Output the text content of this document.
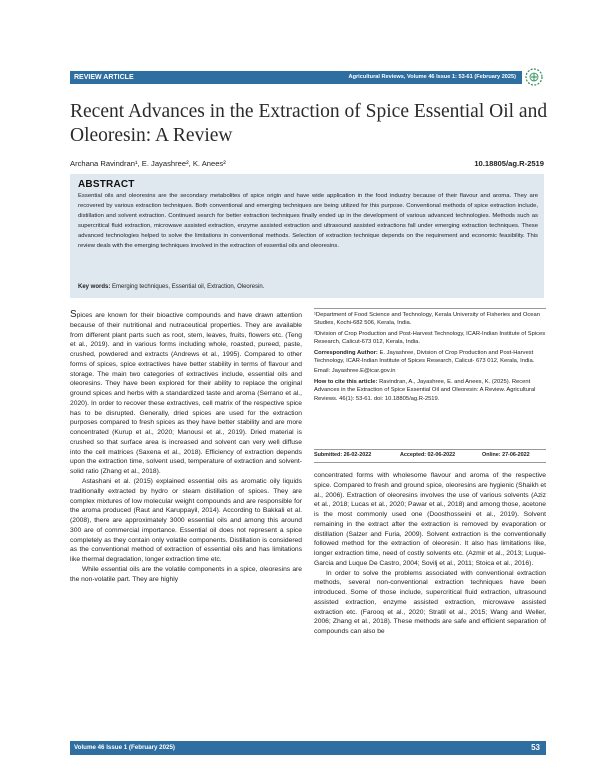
REVIEW ARTICLE	Agricultural Reviews, Volume 46 Issue 1: 53-61 (February 2025)
Recent Advances in the Extraction of Spice Essential Oil and Oleoresin: A Review
Archana Ravindran¹, E. Jayashree², K. Anees²	10.18805/ag.R-2519
ABSTRACT

Essential oils and oleoresins are the secondary metabolites of spice origin and have wide application in the food industry because of their flavour and aroma. They are recovered by various extraction techniques. Both conventional and emerging techniques are being utilized for this purpose. Conventional methods of spice extraction include, distillation and solvent extraction. Continued search for better extraction techniques finally ended up in the development of various advanced technologies. Methods such as supercritical fluid extraction, microwave assisted extraction, enzyme assisted extraction and ultrasound assisted extractions fall under emerging extraction techniques. These advanced technologies helped to solve the limitations in conventional methods. Selection of extraction technique depends on the requirement and economic feasibility. This review deals with the emerging techniques involved in the extraction of essential oils and oleoresins.

Key words: Emerging techniques, Essential oil, Extraction, Oleoresin.

Spices are known for their bioactive compounds and have drawn attention because of their nutritional and nutraceutical properties. They are available from different plant parts such as root, stem, leaves, fruits, flowers etc. (Teng et al., 2019). and in various forms including whole, roasted, pureed, paste, crushed, powdered and extracts (Andrews et al., 1995). Compared to other forms of spices, spice extractives have better stability in terms of flavour and storage. The main two categories of extractives include, essential oils and oleoresins. They have been explored for their ability to replace the original ground spices and herbs with a standardized taste and aroma (Serrano et al., 2020). In order to recover these extractives, cell matrix of the respective spice has to be disrupted. Generally, dried spices are used for the extraction purposes compared to fresh spices as they have better stability and are more concentrated (Kurup et al., 2020; Manousi et al., 2019). Dried material is crushed so that surface area is increased and solvent can very well diffuse into the cell matrices (Saxena et al., 2018). Efficiency of extraction depends upon the extraction time, solvent used, temperature of extraction and solvent-solid ratio (Zhang et al., 2018).

Astashani et al. (2015) explained essential oils as aromatic oily liquids traditionally extracted by hydro or steam distillation of spices. They are complex mixtures of low molecular weight compounds and are responsible for the aroma produced (Raut and Karuppayil, 2014). According to Bakkali et al. (2008), there are approximately 3000 essential oils and among this around 300 are of commercial importance. Essential oil does not represent a spice completely as they contain only volatile components. Distillation is considered as the conventional method of extraction of essential oils and has limitations like thermal degradation, longer extraction time etc.

While essential oils are the volatile components in a spice, oleoresins are the non-volatile part. They are highly

¹Department of Food Science and Technology, Kerala University of Fisheries and Ocean Studies, Kochi-682 506, Kerala, India.

²Division of Crop Production and Post-Harvest Technology, ICAR-Indian Institute of Spices Research, Calicut-673 012, Kerala, India.

Corresponding Author: E. Jayashree, Division of Crop Production and Post-Harvest Technology, ICAR-Indian Institute of Spices Research, Calicut- 673 012, Kerala, India.

Email: Jayashree.E@icar.gov.in

How to cite this article: Ravindran, A., Jayashree, E. and Anees, K. (2025). Recent Advances in the Extraction of Spice Essential Oil and Oleoresin: A Review. Agricultural Reviews. 46(1): 53-61. doi: 10.18805/ag.R-2519.

Submitted: 26-02-2022	Accepted: 02-06-2022	Online: 27-06-2022

concentrated forms with wholesome flavour and aroma of the respective spice. Compared to fresh and ground spice, oleoresins are hygienic (Shaikh et al., 2006). Extraction of oleoresins involves the use of various solvents (Aziz et al., 2018; Lucas et al., 2020; Pawar et al., 2018) and among those, acetone is the most commonly used one (Doosthosseini et al., 2019). Solvent remaining in the extract after the extraction is removed by evaporation or distillation (Salzer and Furia, 2009). Solvent extraction is the conventionally followed method for the extraction of oleoresin. It also has limitations like, longer extraction time, need of costly solvents etc. (Azmir et al., 2013; Luque-Garcia and Luque De Castro, 2004; Sovilj et al., 2011; Stoica et al., 2016).

In order to solve the problems associated with conventional extraction methods, several non-conventional extraction techniques have been introduced. Some of those include, supercritical fluid extraction, ultrasound assisted extraction, enzyme assisted extraction, microwave assisted extraction etc. (Farooq et al., 2020; Stratil et al., 2015; Wang and Weller, 2006; Zhang et al., 2018). These methods are safe and efficient separation of compounds can also be

Volume 46 Issue 1 (February 2025)	53
